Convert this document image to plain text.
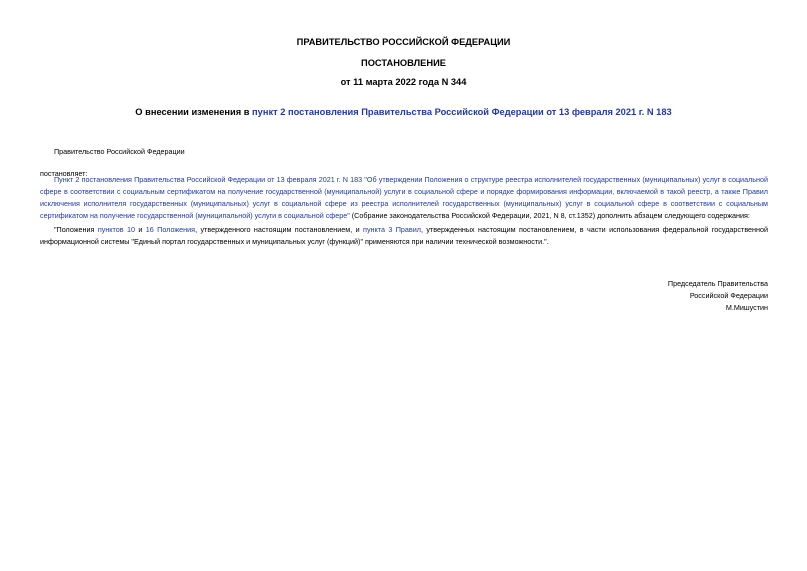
ПРАВИТЕЛЬСТВО РОССИЙСКОЙ ФЕДЕРАЦИИ
ПОСТАНОВЛЕНИЕ
от 11 марта 2022 года N 344
О внесении изменения в пункт 2 постановления Правительства Российской Федерации от 13 февраля 2021 г. N 183
Правительство Российской Федерации
постановляет:
Пункт 2 постановления Правительства Российской Федерации от 13 февраля 2021 г. N 183 "Об утверждении Положения о структуре реестра исполнителей государственных (муниципальных) услуг в социальной сфере в соответствии с социальным сертификатом на получение государственной (муниципальной) услуги в социальной сфере и порядке формирования информации, включаемой в такой реестр, а также Правил исключения исполнителя государственных (муниципальных) услуг в социальной сфере из реестра исполнителей государственных (муниципальных) услуг в социальной сфере в соответствии с социальным сертификатом на получение государственной (муниципальной) услуги в социальной сфере" (Собрание законодательства Российской Федерации, 2021, N 8, ст.1352) дополнить абзацем следующего содержания:
"Положения пунктов 10 и 16 Положения, утвержденного настоящим постановлением, и пункта 3 Правил, утвержденных настоящим постановлением, в части использования федеральной государственной информационной системы "Единый портал государственных и муниципальных услуг (функций)" применяются при наличии технической возможности.".
Председатель Правительства
Российской Федерации
М.Мишустин
